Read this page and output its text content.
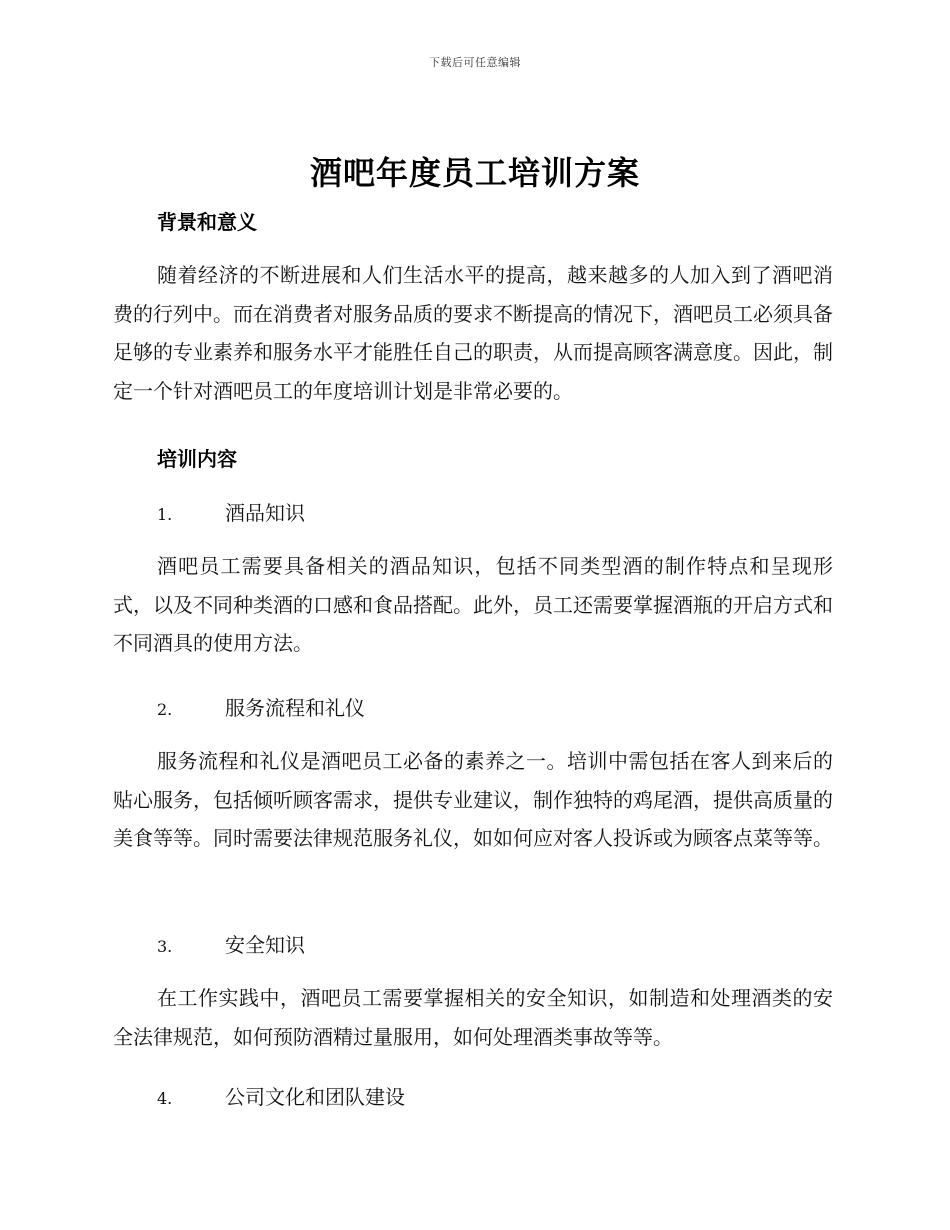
下载后可任意编辑
酒吧年度员工培训方案
背景和意义
随着经济的不断进展和人们生活水平的提高，越来越多的人加入到了酒吧消费的行列中。而在消费者对服务品质的要求不断提高的情况下，酒吧员工必须具备足够的专业素养和服务水平才能胜任自己的职责，从而提高顾客满意度。因此，制定一个针对酒吧员工的年度培训计划是非常必要的。
培训内容
1.	酒品知识
酒吧员工需要具备相关的酒品知识，包括不同类型酒的制作特点和呈现形式，以及不同种类酒的口感和食品搭配。此外，员工还需要掌握酒瓶的开启方式和不同酒具的使用方法。
2.	服务流程和礼仪
服务流程和礼仪是酒吧员工必备的素养之一。培训中需包括在客人到来后的贴心服务，包括倾听顾客需求，提供专业建议，制作独特的鸡尾酒，提供高质量的美食等等。同时需要法律规范服务礼仪，如如何应对客人投诉或为顾客点菜等等。
3.	安全知识
在工作实践中，酒吧员工需要掌握相关的安全知识，如制造和处理酒类的安全法律规范，如何预防酒精过量服用，如何处理酒类事故等等。
4.	公司文化和团队建设
